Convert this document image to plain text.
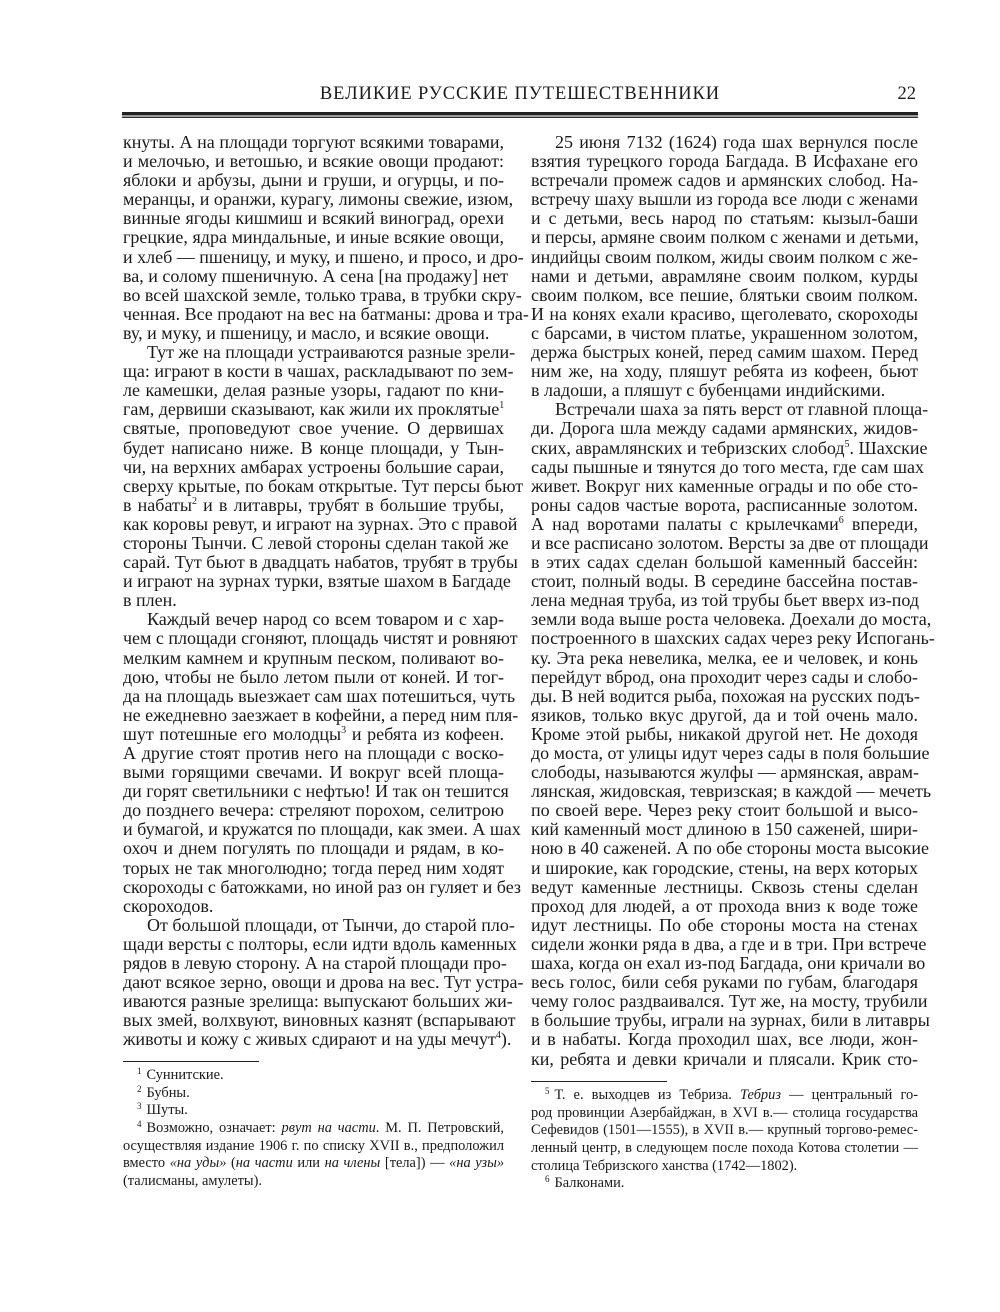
ВЕЛИКИЕ РУССКИЕ ПУТЕШЕСТВЕННИКИ	22
кнуты. А на площади торгуют всякими товарами,
и мелочью, и ветошью, и всякие овощи продают:
яблоки и арбузы, дыни и груши, и огурцы, и по-
меранцы, и оранжи, курагу, лимоны свежие, изюм,
винные ягоды кишмиш и всякий виноград, орехи
грецкие, ядра миндальные, и иные всякие овощи,
и хлеб — пшеницу, и муку, и пшено, и просо, и дро-
ва, и солому пшеничную. А сена [на продажу] нет
во всей шахской земле, только трава, в трубки скру-
ченная. Все продают на вес на батманы: дрова и тра-
ву, и муку, и пшеницу, и масло, и всякие овощи.
Тут же на площади устраиваются разные зрели-
ща: играют в кости в чашах, раскладывают по зем-
ле камешки, делая разные узоры, гадают по кни-
гам, дервиши сказывают, как жили их проклятые$^1$
святые, проповедуют свое учение. О дервишах
будет написано ниже. В конце площади, у Тын-
чи, на верхних амбарах устроены большие сараи,
сверху крытые, по бокам открытые. Тут персы бьют
в набаты$^2$ и в литавры, трубят в большие трубы,
как коровы ревут, и играют на зурнах. Это с правой
стороны Тынчи. С левой стороны сделан такой же
сарай. Тут бьют в двадцать набатов, трубят в трубы
и играют на зурнах турки, взятые шахом в Багдаде
в плен.
Каждый вечер народ со всем товаром и с хар-
чем с площади сгоняют, площадь чистят и ровняют
мелким камнем и крупным песком, поливают во-
дою, чтобы не было летом пыли от коней. И тог-
да на площадь выезжает сам шах потешиться, чуть
не ежедневно заезжает в кофейни, а перед ним пля-
шут потешные его молодцы$^3$ и ребята из кофеен.
А другие стоят против него на площади с воско-
выми горящими свечами. И вокруг всей площа-
ди горят светильники с нефтью! И так он тешится
до позднего вечера: стреляют порохом, селитрою
и бумагой, и кружатся по площади, как змеи. А шах
охоч и днем погулять по площади и рядам, в ко-
торых не так многолюдно; тогда перед ним ходят
скороходы с батожками, но иной раз он гуляет и без
скороходов.
От большой площади, от Тынчи, до старой пло-
щади версты с полторы, если идти вдоль каменных
рядов в левую сторону. А на старой площади про-
дают всякое зерно, овощи и дрова на вес. Тут устра-
иваются разные зрелища: выпускают больших жи-
вых змей, волхвуют, виновных казнят (вспарывают
животы и кожу с живых сдирают и на уды мечут$^4$).
25 июня 7132 (1624) года шах вернулся после
взятия турецкого города Багдада. В Исфахане его
встречали промеж садов и армянских слобод. На-
встречу шаху вышли из города все люди с женами
и с детьми, весь народ по статьям: кызыл-баши
и персы, армяне своим полком с женами и детьми,
индийцы своим полком, жиды своим полком с же-
нами и детьми, аврамляне своим полком, курды
своим полком, все пешие, блятьки своим полком.
И на конях ехали красиво, щеголевато, скороходы
с барсами, в чистом платье, украшенном золотом,
держа быстрых коней, перед самим шахом. Перед
ним же, на ходу, пляшут ребята из кофеен, бьют
в ладоши, а пляшут с бубенцами индийскими.
Встречали шаха за пять верст от главной площа-
ди. Дорога шла между садами армянских, жидов-
ских, аврамлянских и тебризских слобод$^5$. Шахские
сады пышные и тянутся до того места, где сам шах
живет. Вокруг них каменные ограды и по обе сто-
роны садов частые ворота, расписанные золотом.
А над воротами палаты с крылечками$^6$ впереди,
и все расписано золотом. Версты за две от площади
в этих садах сделан большой каменный бассейн:
стоит, полный воды. В середине бассейна постав-
лена медная труба, из той трубы бьет вверх из-под
земли вода выше роста человека. Доехали до моста,
построенного в шахских садах через реку Испогань-
ку. Эта река невелика, мелка, ее и человек, и конь
перейдут вброд, она проходит через сады и слобо-
ды. В ней водится рыба, похожая на русских подъ-
язиков, только вкус другой, да и той очень мало.
Кроме этой рыбы, никакой другой нет. Не доходя
до моста, от улицы идут через сады в поля большие
слободы, называются жулфы — армянская, аврам-
лянская, жидовская, тевризская; в каждой — мечеть
по своей вере. Через реку стоит большой и высо-
кий каменный мост длиною в 150 саженей, шири-
ною в 40 саженей. А по обе стороны моста высокие
и широкие, как городские, стены, на верх которых
ведут каменные лестницы. Сквозь стены сделан
проход для людей, а от прохода вниз к воде тоже
идут лестницы. По обе стороны моста на стенах
сидели жонки ряда в два, а где и в три. При встрече
шаха, когда он ехал из-под Багдада, они кричали во
весь голос, били себя руками по губам, благодаря
чему голос раздваивался. Тут же, на мосту, трубили
в большие трубы, играли на зурнах, били в литавры
и в набаты. Когда проходил шах, все люди, жон-
ки, ребята и девки кричали и плясали. Крик сто-
$^1$ Суннитские.
$^2$ Бубны.
$^3$ Шуты.
$^4$ Возможно, означает: рвут на части. М. П. Петровский,
осуществляя издание 1906 г. по списку XVII в., предположил
вместо «на уды» (на части или на члены [тела]) — «на узы»
(талисманы, амулеты).
$^5$ Т. е. выходцев из Тебриза. Тебриз — центральный го-
род провинции Азербайджан, в XVI в.— столица государства
Сефевидов (1501—1555), в XVII в.— крупный торгово-ремес-
ленный центр, в следующем после похода Котова столетии —
столица Тебризского ханства (1742—1802).
$^6$ Балконами.
